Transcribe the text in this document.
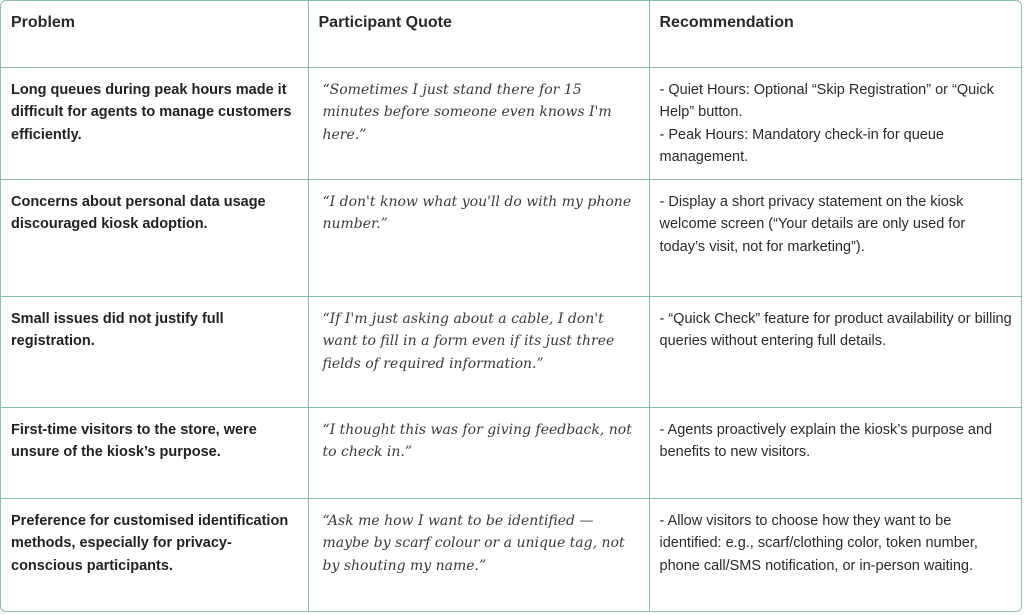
Problem	Participant Quote	Recommendation
Long queues during peak hours made it difficult for agents to manage customers efficiently.	“Sometimes I just stand there for 15 minutes before someone even knows I'm here.”	- Quiet Hours: Optional “Skip Registration” or “Quick Help” button.
- Peak Hours: Mandatory check-in for queue management.

Concerns about personal data usage discouraged kiosk adoption.	“I don't know what you'll do with my phone number.”	- Display a short privacy statement on the kiosk welcome screen (“Your details are only used for today’s visit, not for marketing”).

Small issues did not justify full registration.	“If I'm just asking about a cable, I don't want to fill in a form even if its just three fields of required information.”	- “Quick Check” feature for product availability or billing queries without entering full details.

First-time visitors to the store, were unsure of the kiosk’s purpose.	“I thought this was for giving feedback, not to check in.”	- Agents proactively explain the kiosk’s purpose and benefits to new visitors.

Preference for customised identification methods, especially for privacy-conscious participants.	“Ask me how I want to be identified — maybe by scarf colour or a unique tag, not by shouting my name.”	- Allow visitors to choose how they want to be identified: e.g., scarf/clothing color, token number, phone call/SMS notification, or in-person waiting.
